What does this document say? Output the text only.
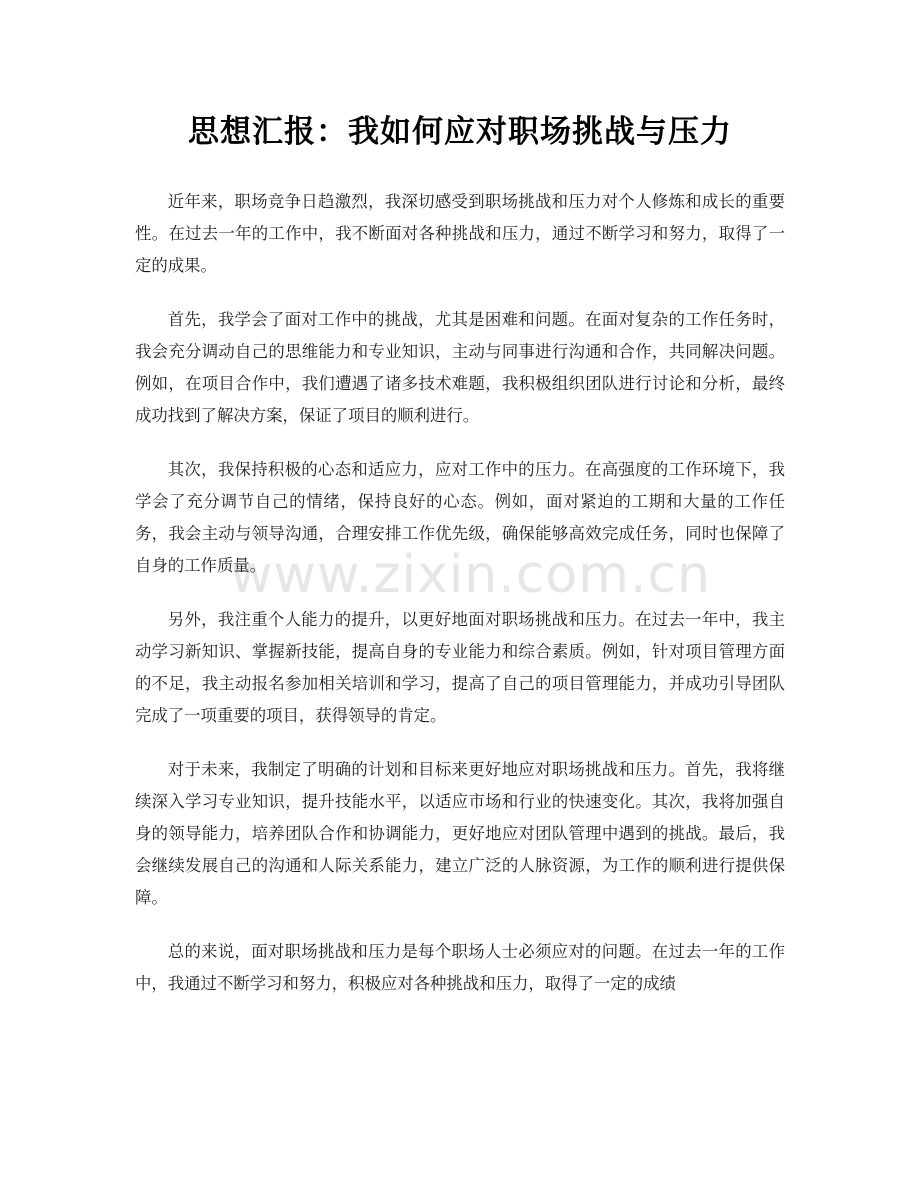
www.zixin.com.cn
思想汇报：我如何应对职场挑战与压力

近年来，职场竞争日趋激烈，我深切感受到职场挑战和压力对个人修炼和成长的重要性。在过去一年的工作中，我不断面对各种挑战和压力，通过不断学习和努力，取得了一定的成果。

首先，我学会了面对工作中的挑战，尤其是困难和问题。在面对复杂的工作任务时，我会充分调动自己的思维能力和专业知识，主动与同事进行沟通和合作，共同解决问题。例如，在项目合作中，我们遭遇了诸多技术难题，我积极组织团队进行讨论和分析，最终成功找到了解决方案，保证了项目的顺利进行。

其次，我保持积极的心态和适应力，应对工作中的压力。在高强度的工作环境下，我学会了充分调节自己的情绪，保持良好的心态。例如，面对紧迫的工期和大量的工作任务，我会主动与领导沟通，合理安排工作优先级，确保能够高效完成任务，同时也保障了自身的工作质量。

另外，我注重个人能力的提升，以更好地面对职场挑战和压力。在过去一年中，我主动学习新知识、掌握新技能，提高自身的专业能力和综合素质。例如，针对项目管理方面的不足，我主动报名参加相关培训和学习，提高了自己的项目管理能力，并成功引导团队完成了一项重要的项目，获得领导的肯定。

对于未来，我制定了明确的计划和目标来更好地应对职场挑战和压力。首先，我将继续深入学习专业知识，提升技能水平，以适应市场和行业的快速变化。其次，我将加强自身的领导能力，培养团队合作和协调能力，更好地应对团队管理中遇到的挑战。最后，我会继续发展自己的沟通和人际关系能力，建立广泛的人脉资源，为工作的顺利进行提供保障。

总的来说，面对职场挑战和压力是每个职场人士必须应对的问题。在过去一年的工作中，我通过不断学习和努力，积极应对各种挑战和压力，取得了一定的成绩
